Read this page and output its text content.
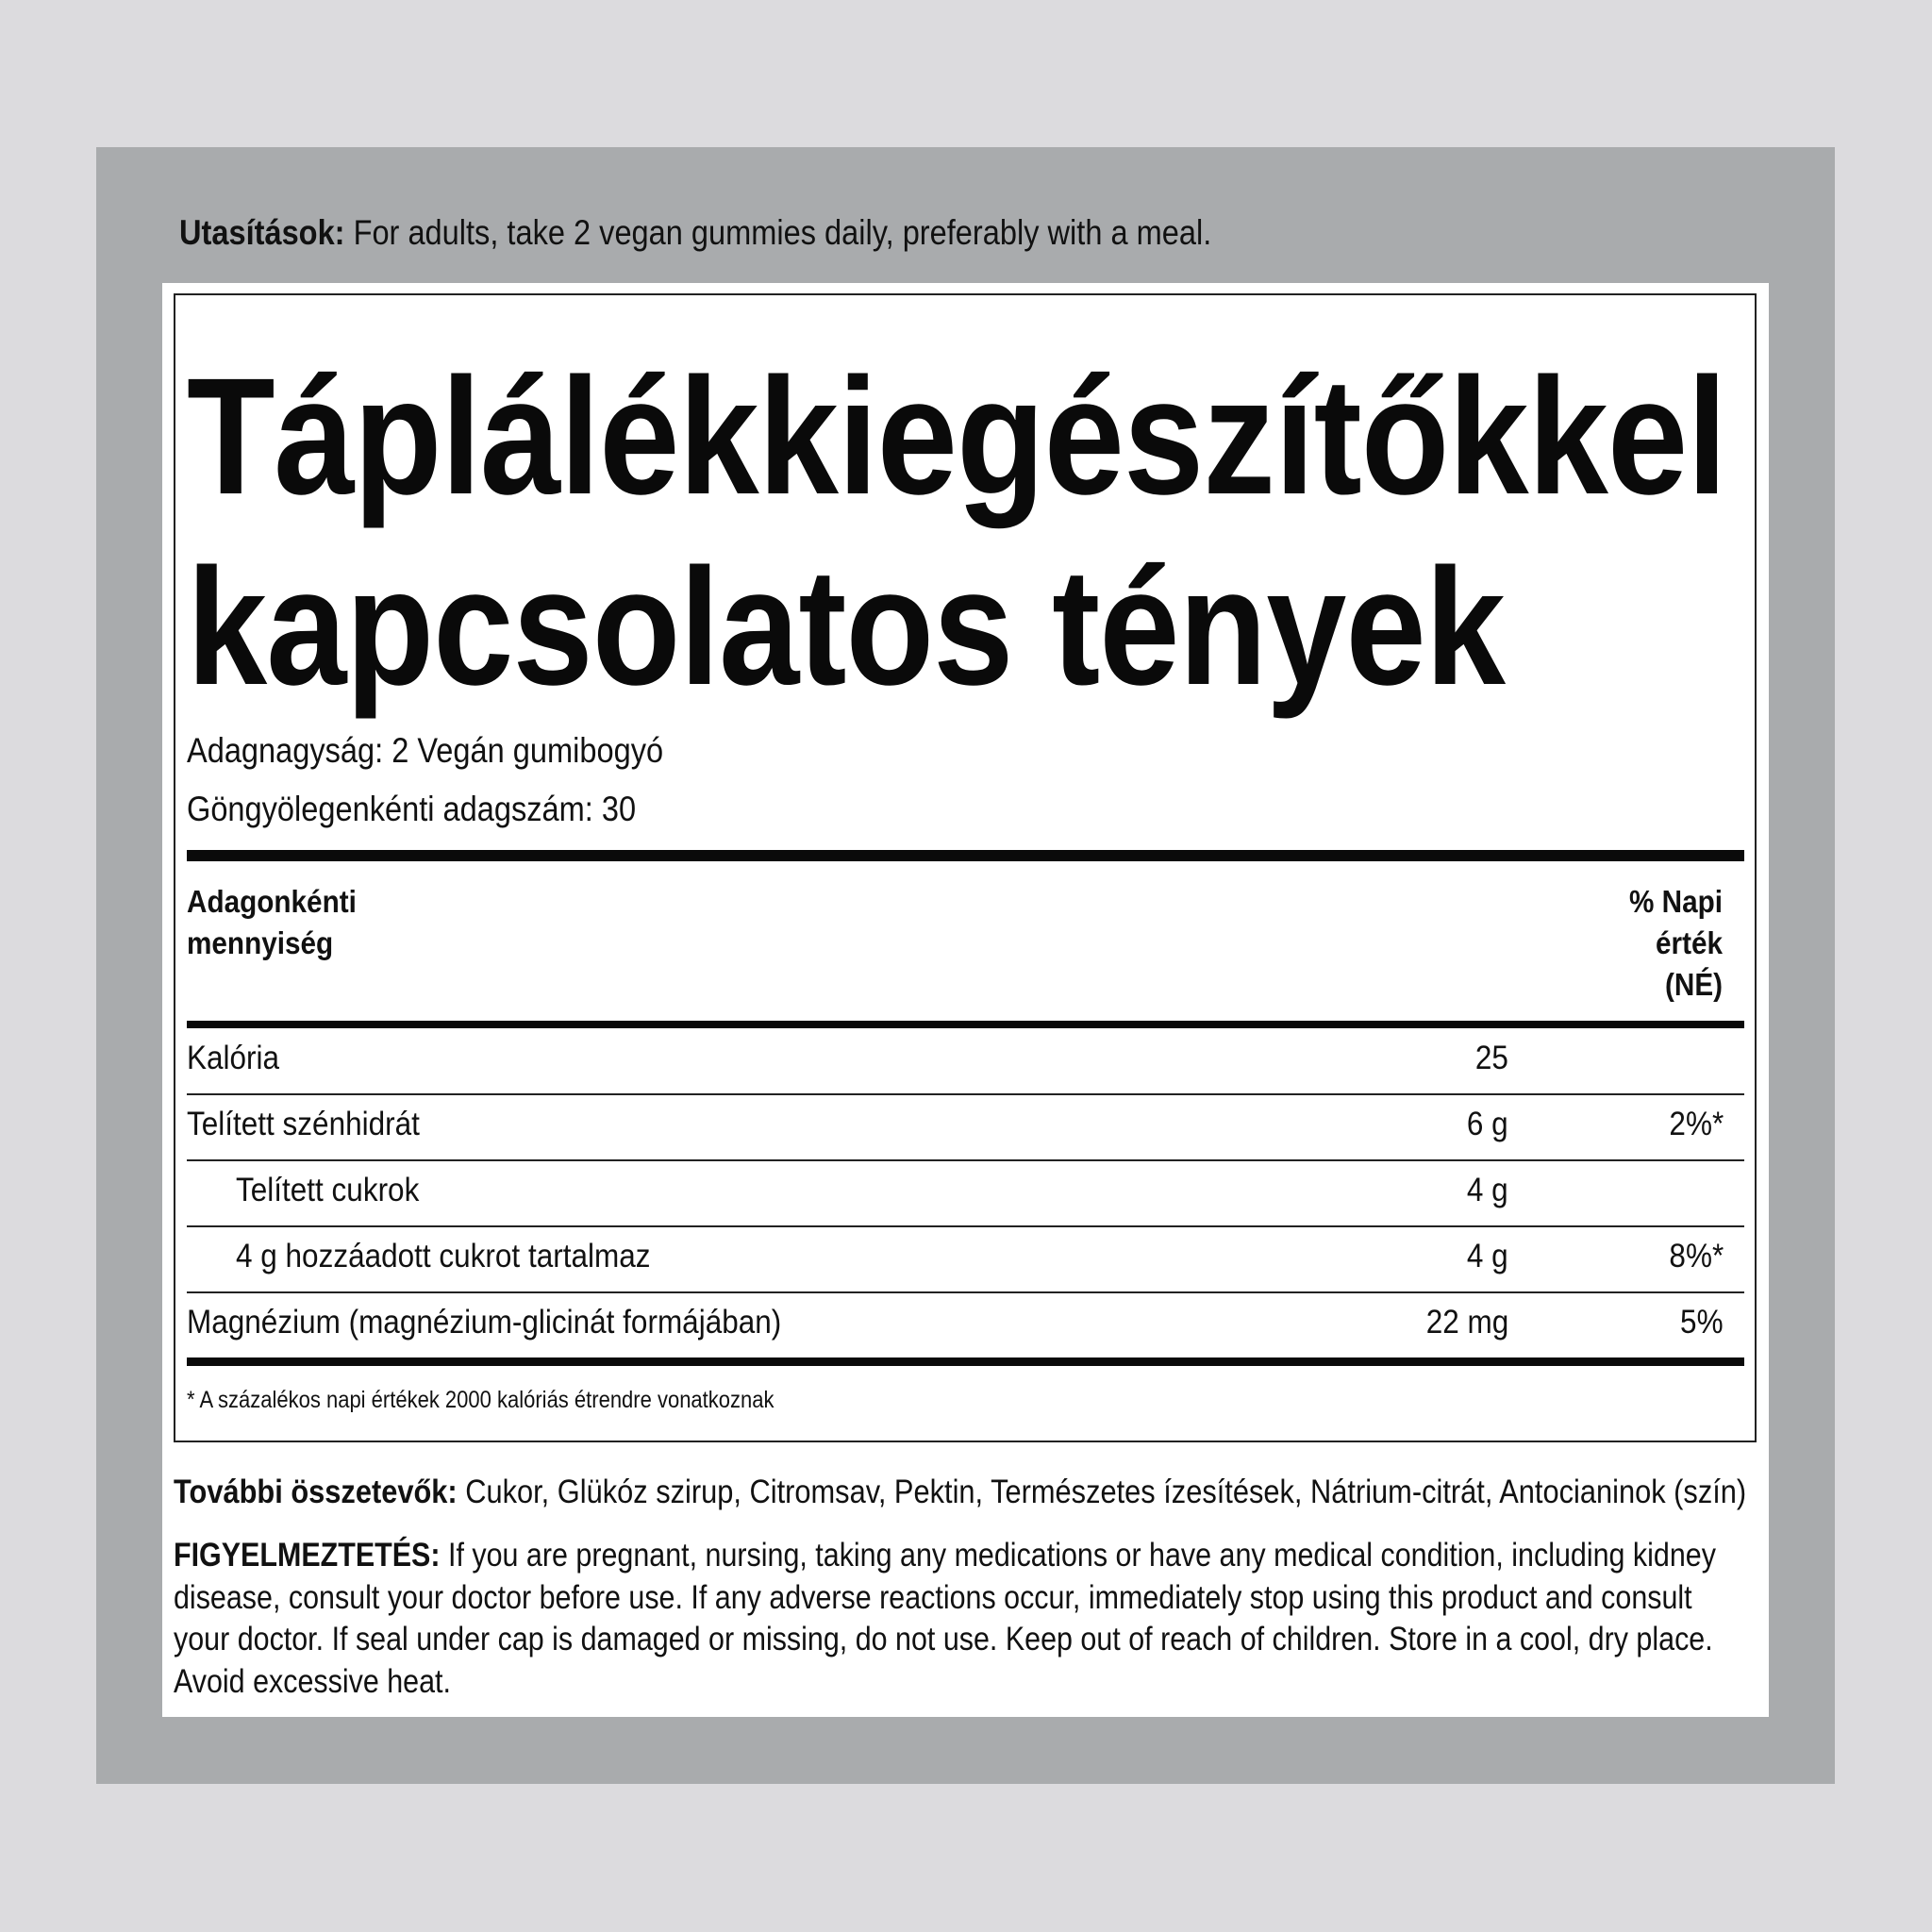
Utasítások: For adults, take 2 vegan gummies daily, preferably with a meal.
Táplálékkiegészítőkkel
kapcsolatos tények
Adagnagyság: 2 Vegán gumibogyó
Göngyölegenkénti adagszám: 30
Adagonkénti
mennyiség
% Napi
érték
(NÉ)
Kalória	25
Telített szénhidrát	6 g	2%*
Telített cukrok	4 g
4 g hozzáadott cukrot tartalmaz	4 g	8%*
Magnézium (magnézium-glicinát formájában)	22 mg	5%
* A százalékos napi értékek 2000 kalóriás étrendre vonatkoznak
További összetevők: Cukor, Glükóz szirup, Citromsav, Pektin, Természetes ízesítések, Nátrium-citrát, Antocianinok (szín)
FIGYELMEZTETÉS: If you are pregnant, nursing, taking any medications or have any medical condition, including kidney disease, consult your doctor before use. If any adverse reactions occur, immediately stop using this product and consult your doctor. If seal under cap is damaged or missing, do not use. Keep out of reach of children. Store in a cool, dry place. Avoid excessive heat.
